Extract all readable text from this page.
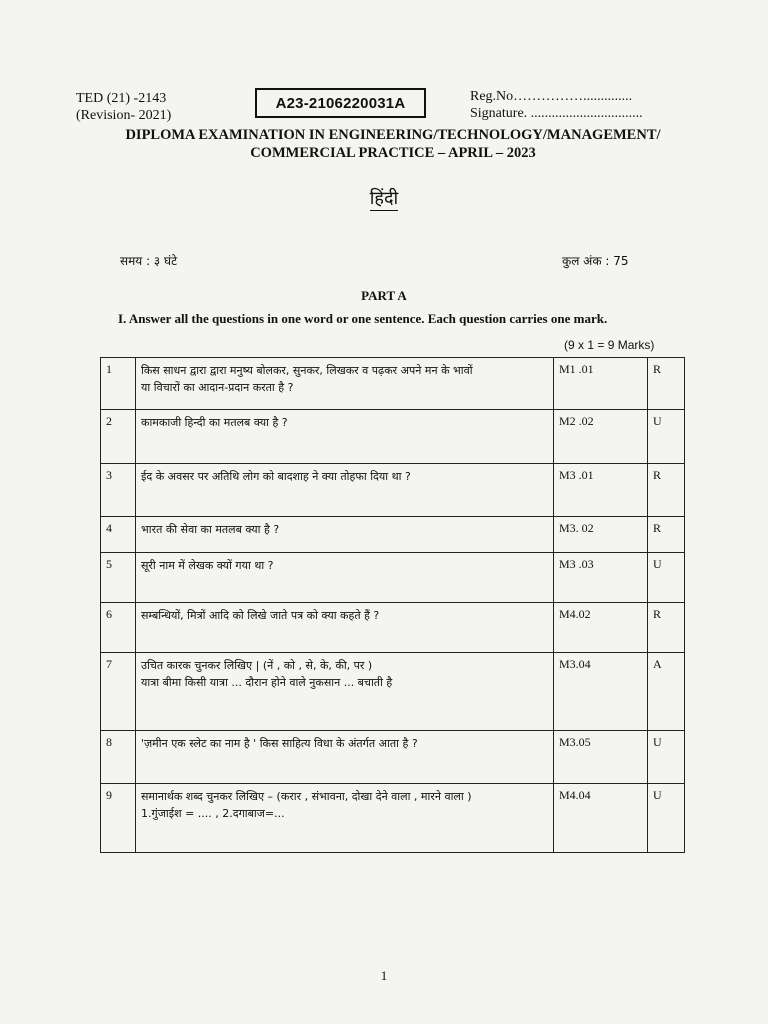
TED (21) -2143
(Revision- 2021)
A23-2106220031A	Reg.No……………..............
Signature. ................................
DIPLOMA EXAMINATION IN ENGINEERING/TECHNOLOGY/MANAGEMENT/
COMMERCIAL PRACTICE – APRIL – 2023
हिंदी
समय : ३ घंटे	कुल अंक : 75
PART A
I. Answer all the questions in one word or one sentence. Each question carries one mark.
(9 x 1 = 9 Marks)
1	किस साधन द्वारा द्वारा मनुष्य बोलकर, सुनकर, लिखकर व पढ़कर अपने मन के भावों
या विचारों का आदान-प्रदान करता है ?	M1 .01	R
2	कामकाजी हिन्दी का मतलब क्या है ?	M2 .02	U
3	ईद के अवसर पर अतिथि लोग को बादशाह ने क्या तोहफा दिया था ?	M3 .01	R
4	भारत की सेवा का मतलब क्या है ?	M3. 02	R
5	सूरी नाम में लेखक क्यों गया था ?	M3 .03	U
6	सम्बन्धियों, मित्रों आदि को लिखे जाते पत्र को क्या कहते हैं ?	M4.02	R
7	उचित कारक चुनकर लिखिए | (नें , को , से, के, की, पर )
यात्रा बीमा किसी यात्रा ... दौरान होने वाले नुकसान ... बचाती है	M3.04	A
8	'ज़मीन एक स्लेट का नाम है ' किस साहित्य विधा के अंतर्गत आता है ?	M3.05	U
9	समानार्थक शब्द चुनकर लिखिए – (करार , संभावना, दोखा देने वाला , मारने वाला )
1.गुंजाईश = .... , 2.दगाबाज=...	M4.04	U
1
